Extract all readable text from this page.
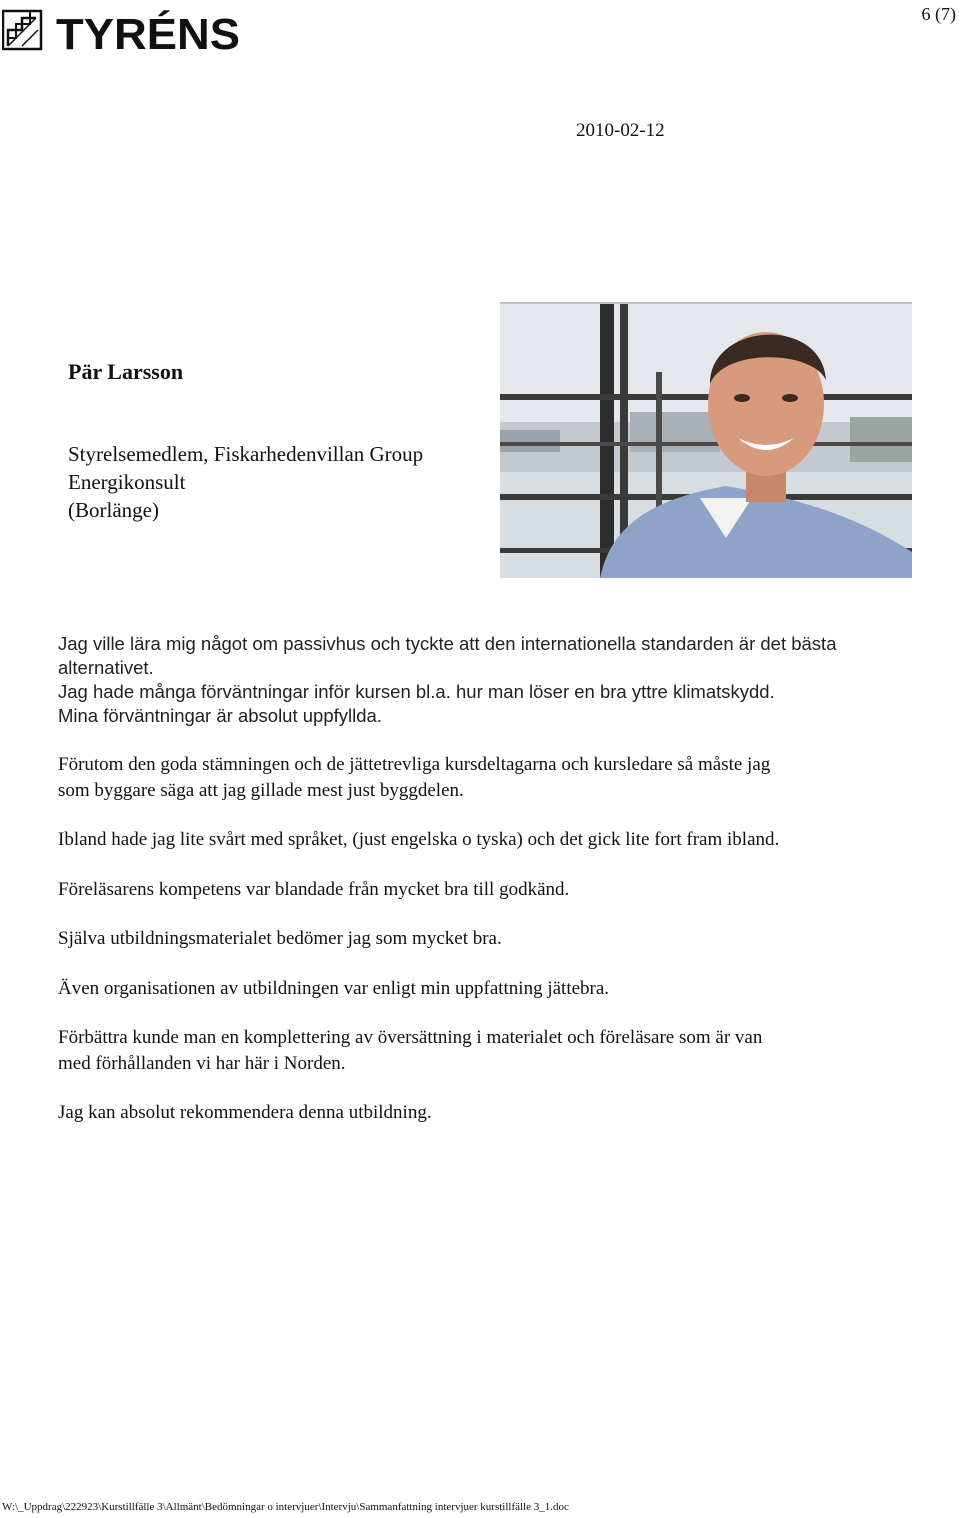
TYRÉNS	6 (7)
2010-02-12
Pär Larsson
Styrelsemedlem, Fiskarhedenvillan Group
Energikonsult
(Borlänge)
Jag ville lära mig något om passivhus och tyckte att den internationella standarden är det bästa
alternativet.
Jag hade många förväntningar inför kursen bl.a. hur man löser en bra yttre klimatskydd.
Mina förväntningar är absolut uppfyllda.
Förutom den goda stämningen och de jättetrevliga kursdeltagarna och kursledare så måste jag
som byggare säga att jag gillade mest just byggdelen.
Ibland hade jag lite svårt med språket, (just engelska o tyska) och det gick lite fort fram ibland.
Föreläsarens kompetens var blandade från mycket bra till godkänd.
Själva utbildningsmaterialet bedömer jag som mycket bra.
Även organisationen av utbildningen var enligt min uppfattning jättebra.
Förbättra kunde man en komplettering av översättning i materialet och föreläsare som är van
med förhållanden vi har här i Norden.
Jag kan absolut rekommendera denna utbildning.
W:\_Uppdrag\222923\Kurstillfälle 3\Allmänt\Bedömningar o intervjuer\Intervju\Sammanfattning intervjuer kurstillfälle 3_1.doc
